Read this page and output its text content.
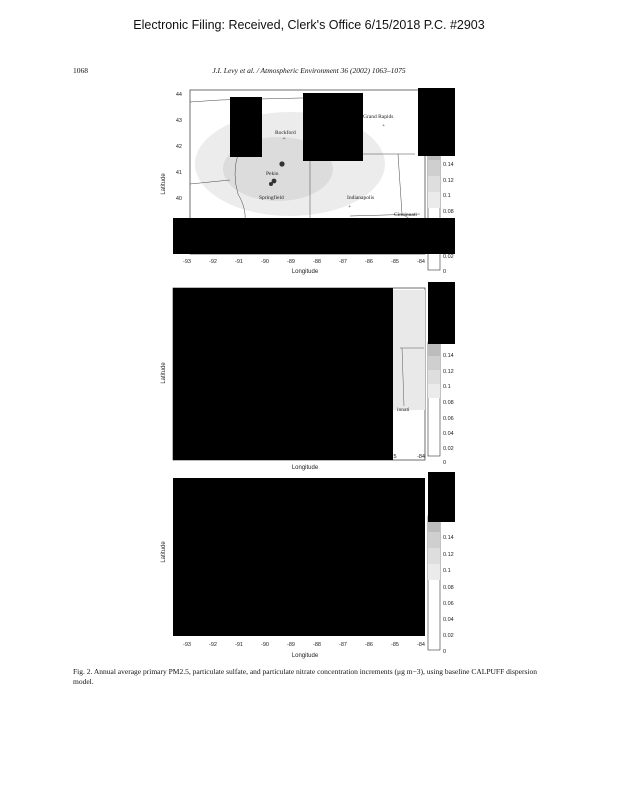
Electronic Filing: Received, Clerk's Office 6/15/2018 P.C. #2903
1068	J.I. Levy et al. / Atmospheric Environment 36 (2002) 1063–1075
+
+
+
Rockford
Grand Rapids
Pekin
Springfield	Indianapolis
Cincinnati
44
43
42
41
40
Latitude
-93	-92	-91	-90	-89	-88	-87	-86	-85	-84
Longitude
0.14
0.12
0.1
0.08
0.02
0
innati
5	-84
Longitude
Latitude
0.14
0.12
0.1
0.08
0.06
0.04
0.02
0
Latitude
-93	-92	-91	-90	-89	-88	-87	-86	-85	-84
Longitude
0.14
0.12
0.1
0.08
0.06
0.04
0.02
0
Fig. 2. Annual average primary PM2.5, particulate sulfate, and particulate nitrate concentration increments (μg m−3), using baseline CALPUFF dispersion model.
